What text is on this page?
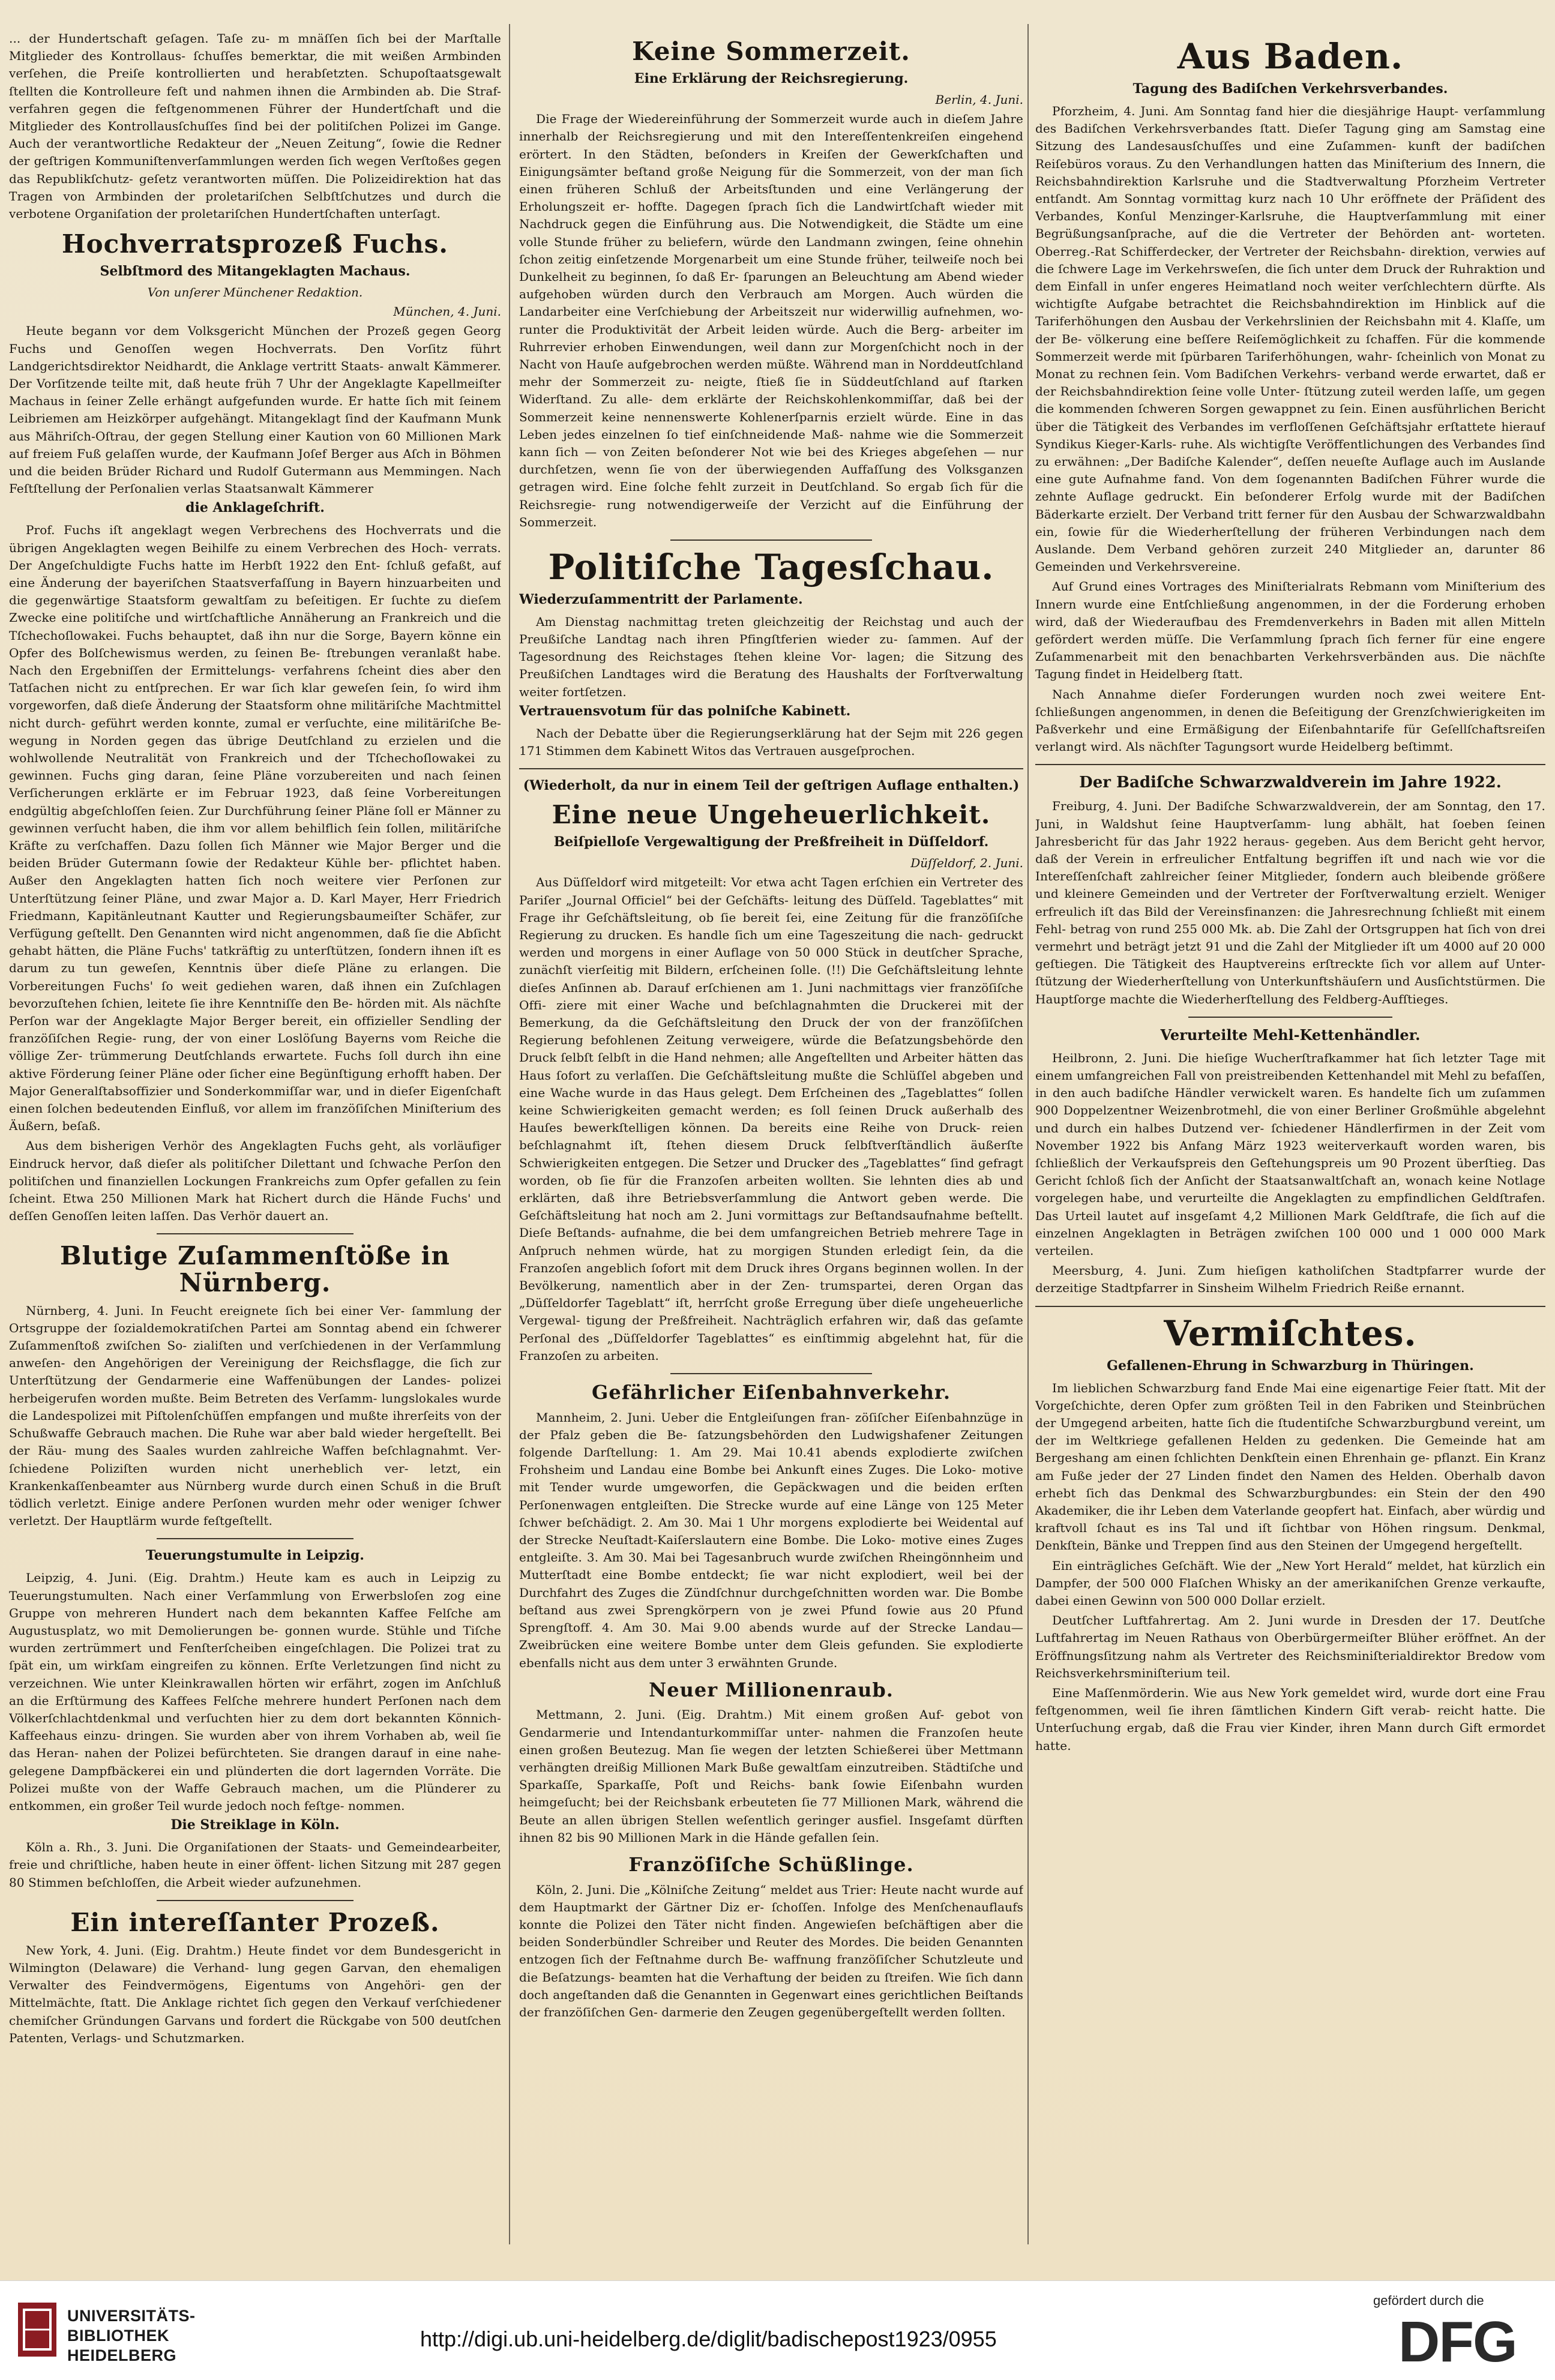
... der Hundertschaft geſagen. Taſe zu- m mnäſſen ſich bei der Marſtalle Mitglieder des Kontrollaus- ſchuſſes bemerktar, die mit weißen Armbinden verſehen, die Preiſe kontrollierten und herabſetzten. Schupoſtaatsgewalt ſtellten die Kontrolleure feſt und nahmen ihnen die Armbinden ab. Die Straf- verfahren gegen die feſtgenommenen Führer der Hundertſchaft und die Mitglieder des Kontrollausſchuſſes ſind bei der politiſchen Polizei im Gange. Auch der verantwortliche Redakteur der „Neuen Zeitung“, ſowie die Redner der geſtrigen Kommuniſtenverſammlungen werden ſich wegen Verſtoßes gegen das Republikſchutz- geſetz verantworten müſſen. Die Polizeidirektion hat das Tragen von Armbinden der proletariſchen Selbſtſchutzes und durch die verbotene Organiſation der proletariſchen Hundertſchaften unterſagt.

Hochverratsprozeß Fuchs.
Selbſtmord des Mitangeklagten Machaus.
Von unſerer Münchener Redaktion.
München, 4. Juni.

Heute begann vor dem Volksgericht München der Prozeß gegen Georg Fuchs und Genoſſen wegen Hochverrats. Den Vorſitz führt Landgerichtsdirektor Neidhardt, die Anklage vertritt Staats- anwalt Kämmerer. Der Vorſitzende teilte mit, daß heute früh 7 Uhr der Angeklagte Kapellmeiſter Machaus in ſeiner Zelle erhängt aufgefunden wurde. Er hatte ſich mit ſeinem Leibriemen am Heizkörper aufgehängt. Mitangeklagt ſind der Kaufmann Munk aus Mähriſch-Oſtrau, der gegen Stellung einer Kaution von 60 Millionen Mark auf freiem Fuß gelaſſen wurde, der Kaufmann Joſef Berger aus Aſch in Böhmen und die beiden Brüder Richard und Rudolf Gutermann aus Memmingen. Nach Feſtſtellung der Perſonalien verlas Staatsanwalt Kämmerer

die Anklageſchrift.

Prof. Fuchs iſt angeklagt wegen Verbrechens des Hochverrats und die übrigen Angeklagten wegen Beihilfe zu einem Verbrechen des Hoch- verrats. Der Angeſchuldigte Fuchs hatte im Herbſt 1922 den Ent- ſchluß gefaßt, auf eine Änderung der bayeriſchen Staatsverfaſſung in Bayern hinzuarbeiten und die gegenwärtige Staatsform gewaltſam zu beſeitigen. Er ſuchte zu dieſem Zwecke eine politiſche und wirtſchaftliche Annäherung an Frankreich und die Tſchechoſlowakei. Fuchs behauptet, daß ihn nur die Sorge, Bayern könne ein Opfer des Bolſchewismus werden, zu ſeinen Be- ſtrebungen veranlaßt habe. Nach den Ergebniſſen der Ermittelungs- verfahrens ſcheint dies aber den Tatſachen nicht zu entſprechen. Er war ſich klar geweſen ſein, ſo wird ihm vorgeworfen, daß dieſe Änderung der Staatsform ohne militäriſche Machtmittel nicht durch- geführt werden konnte, zumal er verſuchte, eine militäriſche Be- wegung in Norden gegen das übrige Deutſchland zu erzielen und die wohlwollende Neutralität von Frankreich und der Tſchechoſlowakei zu gewinnen. Fuchs ging daran, ſeine Pläne vorzubereiten und nach ſeinen Verſicherungen erklärte er im Februar 1923, daß ſeine Vorbereitungen endgültig abgeſchloſſen ſeien. Zur Durchführung ſeiner Pläne ſoll er Männer zu gewinnen verſucht haben, die ihm vor allem behilflich ſein ſollen, militäriſche Kräfte zu verſchaffen. Dazu ſollen ſich Männer wie Major Berger und die beiden Brüder Gutermann ſowie der Redakteur Kühle ber- pflichtet haben. Außer den Angeklagten hatten ſich noch weitere vier Perſonen zur Unterſtützung ſeiner Pläne, und zwar Major a. D. Karl Mayer, Herr Friedrich Friedmann, Kapitänleutnant Kautter und Regierungsbaumeiſter Schäfer, zur Verfügung geſtellt. Den Genannten wird nicht angenommen, daß ſie die Abſicht gehabt hätten, die Pläne Fuchs' tatkräftig zu unterſtützen, ſondern ihnen iſt es darum zu tun geweſen, Kenntnis über dieſe Pläne zu erlangen. Die Vorbereitungen Fuchs' ſo weit gediehen waren, daß ihnen ein Zuſchlagen bevorzuſtehen ſchien, leitete ſie ihre Kenntniſſe den Be- hörden mit. Als nächſte Perſon war der Angeklagte Major Berger bereit, ein offizieller Sendling der franzöſiſchen Regie- rung, der von einer Loslöſung Bayerns vom Reiche die völlige Zer- trümmerung Deutſchlands erwartete. Fuchs ſoll durch ihn eine aktive Förderung ſeiner Pläne oder ſicher eine Begünſtigung erhofft haben. Der Major Generalſtabsoffizier und Sonderkommiſſar war, und in dieſer Eigenſchaft einen ſolchen bedeutenden Einfluß, vor allem im franzöſiſchen Miniſterium des Äußern, beſaß.

Aus dem bisherigen Verhör des Angeklagten Fuchs geht, als vorläufiger Eindruck hervor, daß dieſer als politiſcher Dilettant und ſchwache Perſon den politiſchen und finanziellen Lockungen Frankreichs zum Opfer gefallen zu ſein ſcheint. Etwa 250 Millionen Mark hat Richert durch die Hände Fuchs' und deſſen Genoſſen leiten laſſen. Das Verhör dauert an.

Blutige Zuſammenſtöße in Nürnberg.

Nürnberg, 4. Juni. In Feucht ereignete ſich bei einer Ver- ſammlung der Ortsgruppe der ſozialdemokratiſchen Partei am Sonntag abend ein ſchwerer Zuſammenſtoß zwiſchen So- zialiſten und verſchiedenen in der Verſammlung anweſen- den Angehörigen der Vereinigung der Reichsflagge, die ſich zur Unterſtützung der Gendarmerie eine Waffenübungen der Landes- polizei herbeigerufen worden mußte. Beim Betreten des Verſamm- lungslokales wurde die Landespolizei mit Piſtolenſchüſſen empfangen und mußte ihrerſeits von der Schußwaffe Gebrauch machen. Die Ruhe war aber bald wieder hergeſtellt. Bei der Räu- mung des Saales wurden zahlreiche Waffen beſchlagnahmt. Ver- ſchiedene Poliziſten wurden nicht unerheblich ver- letzt, ein Krankenkaſſenbeamter aus Nürnberg wurde durch einen Schuß in die Bruſt tödlich verletzt. Einige andere Perſonen wurden mehr oder weniger ſchwer verletzt. Der Hauptlärm wurde feſtgeſtellt.

Teuerungstumulte in Leipzig.

Leipzig, 4. Juni. (Eig. Drahtm.) Heute kam es auch in Leipzig zu Teuerungstumulten. Nach einer Verſammlung von Erwerbsloſen zog eine Gruppe von mehreren Hundert nach dem bekannten Kaffee Felſche am Augustusplatz, wo mit Demolierungen be- gonnen wurde. Stühle und Tiſche wurden zertrümmert und Fenſterſcheiben eingeſchlagen. Die Polizei trat zu ſpät ein, um wirkſam eingreifen zu können. Erſte Verletzungen ſind nicht zu verzeichnen. Wie unter Kleinkrawallen hörten wir erfährt, zogen im Anſchluß an die Erſtürmung des Kaffees Felſche mehrere hundert Perſonen nach dem Völkerſchlachtdenkmal und verſuchten hier zu dem dort bekannten Könnich-Kaffeehaus einzu- dringen. Sie wurden aber von ihrem Vorhaben ab, weil ſie das Heran- nahen der Polizei befürchteten. Sie drangen darauf in eine nahe- gelegene Dampfbäckerei ein und plünderten die dort lagernden Vorräte. Die Polizei mußte von der Waffe Gebrauch machen, um die Plünderer zu entkommen, ein großer Teil wurde jedoch noch feſtge- nommen.

Die Streiklage in Köln.

Köln a. Rh., 3. Juni. Die Organiſationen der Staats- und Gemeindearbeiter, freie und chriſtliche, haben heute in einer öffent- lichen Sitzung mit 287 gegen 80 Stimmen beſchloſſen, die Arbeit wieder aufzunehmen.

Ein intereſſanter Prozeß.

New York, 4. Juni. (Eig. Drahtm.) Heute findet vor dem Bundesgericht in Wilmington (Delaware) die Verhand- lung gegen Garvan, den ehemaligen Verwalter des Feindvermögens, Eigentums von Angehöri- gen der Mittelmächte, ſtatt. Die Anklage richtet ſich gegen den Verkauf verſchiedener chemiſcher Gründungen Garvans und fordert die Rückgabe von 500 deutſchen Patenten, Verlags- und Schutzmarken.

Keine Sommerzeit.
Eine Erklärung der Reichsregierung.
Berlin, 4. Juni.

Die Frage der Wiedereinführung der Sommerzeit wurde auch in dieſem Jahre innerhalb der Reichsregierung und mit den Intereſſentenkreiſen eingehend erörtert. In den Städten, beſonders in Kreiſen der Gewerkſchaften und Einigungsämter beſtand große Neigung für die Sommerzeit, von der man ſich einen früheren Schluß der Arbeitsſtunden und eine Verlängerung der Erholungszeit er- hoffte. Dagegen ſprach ſich die Landwirtſchaft wieder mit Nachdruck gegen die Einführung aus. Die Notwendigkeit, die Städte um eine volle Stunde früher zu beliefern, würde den Landmann zwingen, ſeine ohnehin ſchon zeitig einſetzende Morgenarbeit um eine Stunde früher, teilweiſe noch bei Dunkelheit zu beginnen, ſo daß Er- ſparungen an Beleuchtung am Abend wieder aufgehoben würden durch den Verbrauch am Morgen. Auch würden die Landarbeiter eine Verſchiebung der Arbeitszeit nur widerwillig aufnehmen, wo- runter die Produktivität der Arbeit leiden würde. Auch die Berg- arbeiter im Ruhrrevier erhoben Einwendungen, weil dann zur Morgenſchicht noch in der Nacht von Hauſe aufgebrochen werden müßte. Während man in Norddeutſchland mehr der Sommerzeit zu- neigte, ſtieß ſie in Süddeutſchland auf ſtarken Widerſtand. Zu alle- dem erklärte der Reichskohlenkommiſſar, daß bei der Sommerzeit keine nennenswerte Kohlenerſparnis erzielt würde. Eine in das Leben jedes einzelnen ſo tief einſchneidende Maß- nahme wie die Sommerzeit kann ſich — von Zeiten beſonderer Not wie bei des Krieges abgeſehen — nur durchſetzen, wenn ſie von der überwiegenden Auffaſſung des Volksganzen getragen wird. Eine ſolche fehlt zurzeit in Deutſchland. So ergab ſich für die Reichsregie- rung notwendigerweiſe der Verzicht auf die Einführung der Sommerzeit.

Politiſche Tagesſchau.
Wiederzuſammentritt der Parlamente.

Am Dienstag nachmittag treten gleichzeitig der Reichstag und auch der Preußiſche Landtag nach ihren Pfingſtferien wieder zu- ſammen. Auf der Tagesordnung des Reichstages ſtehen kleine Vor- lagen; die Sitzung des Preußiſchen Landtages wird die Beratung des Haushalts der Forſtverwaltung weiter fortſetzen.

Vertrauensvotum für das polniſche Kabinett.

Nach der Debatte über die Regierungserklärung hat der Sejm mit 226 gegen 171 Stimmen dem Kabinett Witos das Vertrauen ausgeſprochen.

(Wiederholt, da nur in einem Teil der geſtrigen Auflage enthalten.)
Eine neue Ungeheuerlichkeit.
Beiſpielloſe Vergewaltigung der Preßfreiheit in Düſſeldorf.
Düſſeldorf, 2. Juni.

Aus Düſſeldorf wird mitgeteilt: Vor etwa acht Tagen erſchien ein Vertreter des Pariſer „Journal Officiel“ bei der Geſchäfts- leitung des Düſſeld. Tageblattes“ mit Frage ihr Geſchäftsleitung, ob ſie bereit ſei, eine Zeitung für die franzöſiſche Regierung zu drucken. Es handle ſich um eine Tageszeitung die nach- gedruckt werden und morgens in einer Auflage von 50 000 Stück in deutſcher Sprache, zunächſt vierſeitig mit Bildern, erſcheinen ſolle. (!!) Die Geſchäftsleitung lehnte dieſes Anſinnen ab. Darauf erſchienen am 1. Juni nachmittags vier franzöſiſche Offi- ziere mit einer Wache und beſchlagnahmten die Druckerei mit der Bemerkung, da die Geſchäftsleitung den Druck der von der franzöſiſchen Regierung befohlenen Zeitung verweigere, würde die Beſatzungsbehörde den Druck ſelbſt ſelbſt in die Hand nehmen; alle Angeſtellten und Arbeiter hätten das Haus ſofort zu verlaſſen. Die Geſchäftsleitung mußte die Schlüſſel abgeben und eine Wache wurde in das Haus gelegt. Dem Erſcheinen des „Tageblattes“ ſollen keine Schwierigkeiten gemacht werden; es ſoll ſeinen Druck außerhalb des Hauſes bewerkſtelligen können. Da bereits eine Reihe von Druck- reien beſchlagnahmt iſt, ſtehen diesem Druck ſelbſtverſtändlich äußerſte Schwierigkeiten entgegen. Die Setzer und Drucker des „Tageblattes“ ſind gefragt worden, ob ſie für die Franzoſen arbeiten wollten. Sie lehnten dies ab und erklärten, daß ihre Betriebsverſammlung die Antwort geben werde. Die Geſchäftsleitung hat noch am 2. Juni vormittags zur Beſtandsaufnahme beſtellt. Dieſe Beſtands- aufnahme, die bei dem umfangreichen Betrieb mehrere Tage in Anſpruch nehmen würde, hat zu morgigen Stunden erledigt ſein, da die Franzoſen angeblich ſofort mit dem Druck ihres Organs beginnen wollen. In der Bevölkerung, namentlich aber in der Zen- trumspartei, deren Organ das „Düſſeldorfer Tageblatt“ iſt, herrſcht große Erregung über dieſe ungeheuerliche Vergewal- tigung der Preßfreiheit. Nachträglich erfahren wir, daß das geſamte Perſonal des „Düſſeldorfer Tageblattes“ es einſtimmig abgelehnt hat, für die Franzoſen zu arbeiten.

Gefährlicher Eiſenbahnverkehr.

Mannheim, 2. Juni. Ueber die Entgleiſungen fran- zöſiſcher Eiſenbahnzüge in der Pfalz geben die Be- ſatzungsbehörden den Ludwigshafener Zeitungen folgende Darſtellung: 1. Am 29. Mai 10.41 abends explodierte zwiſchen Frohsheim und Landau eine Bombe bei Ankunft eines Zuges. Die Loko- motive mit Tender wurde umgeworfen, die Gepäckwagen und die beiden erſten Perſonenwagen entgleiſten. Die Strecke wurde auf eine Länge von 125 Meter ſchwer beſchädigt. 2. Am 30. Mai 1 Uhr morgens explodierte bei Weidental auf der Strecke Neuſtadt-Kaiſerslautern eine Bombe. Die Loko- motive eines Zuges entgleiſte. 3. Am 30. Mai bei Tagesanbruch wurde zwiſchen Rheingönnheim und Mutterſtadt eine Bombe entdeckt; ſie war nicht explodiert, weil bei der Durchfahrt des Zuges die Zündſchnur durchgeſchnitten worden war. Die Bombe beſtand aus zwei Sprengkörpern von je zwei Pfund ſowie aus 20 Pfund Sprengſtoff. 4. Am 30. Mai 9.00 abends wurde auf der Strecke Landau— Zweibrücken eine weitere Bombe unter dem Gleis gefunden. Sie explodierte ebenfalls nicht aus dem unter 3 erwähnten Grunde.

Neuer Millionenraub.

Mettmann, 2. Juni. (Eig. Drahtm.) Mit einem großen Auf- gebot von Gendarmerie und Intendanturkommiſſar unter- nahmen die Franzoſen heute einen großen Beutezug. Man ſie wegen der letzten Schießerei über Mettmann verhängten dreißig Millionen Mark Buße gewaltſam einzutreiben. Städtiſche und Sparkaſſe, Sparkaſſe, Poſt und Reichs- bank ſowie Eiſenbahn wurden heimgeſucht; bei der Reichsbank erbeuteten ſie 77 Millionen Mark, während die Beute an allen übrigen Stellen weſentlich geringer ausfiel. Insgeſamt dürften ihnen 82 bis 90 Millionen Mark in die Hände gefallen ſein.

Franzöſiſche Schüßlinge.

Köln, 2. Juni. Die „Kölniſche Zeitung“ meldet aus Trier: Heute nacht wurde auf dem Hauptmarkt der Gärtner Diz er- ſchoſſen. Infolge des Menſchenauflaufs konnte die Polizei den Täter nicht finden. Angewieſen beſchäftigen aber die beiden Sonderbündler Schreiber und Reuter des Mordes. Die beiden Genannten entzogen ſich der Feſtnahme durch Be- waffnung franzöſiſcher Schutzleute und die Beſatzungs- beamten hat die Verhaftung der beiden zu ſtreifen. Wie ſich dann doch angeſtanden daß die Genannten in Gegenwart eines gerichtlichen Beiſtands der franzöſiſchen Gen- darmerie den Zeugen gegenübergeſtellt werden ſollten.

Aus Baden.
Tagung des Badiſchen Verkehrsverbandes.

Pforzheim, 4. Juni. Am Sonntag fand hier die diesjährige Haupt- verſammlung des Badiſchen Verkehrsverbandes ſtatt. Dieſer Tagung ging am Samstag eine Sitzung des Landesausſchuſſes und eine Zuſammen- kunft der badiſchen Reiſebüros voraus. Zu den Verhandlungen hatten das Miniſterium des Innern, die Reichsbahndirektion Karlsruhe und die Stadtverwaltung Pforzheim Vertreter entſandt. Am Sonntag vormittag kurz nach 10 Uhr eröffnete der Präſident des Verbandes, Konſul Menzinger-Karlsruhe, die Hauptverſammlung mit einer Begrüßungsanſprache, auf die die Vertreter der Behörden ant- worteten. Oberreg.-Rat Schifferdecker, der Vertreter der Reichsbahn- direktion, verwies auf die ſchwere Lage im Verkehrsweſen, die ſich unter dem Druck der Ruhraktion und dem Einfall in unſer engeres Heimatland noch weiter verſchlechtern dürfte. Als wichtigſte Aufgabe betrachtet die Reichsbahndirektion im Hinblick auf die Tariferhöhungen den Ausbau der Verkehrslinien der Reichsbahn mit 4. Klaſſe, um der Be- völkerung eine beſſere Reiſemöglichkeit zu ſchaffen. Für die kommende Sommerzeit werde mit ſpürbaren Tariferhöhungen, wahr- ſcheinlich von Monat zu Monat zu rechnen ſein. Vom Badiſchen Verkehrs- verband werde erwartet, daß er der Reichsbahndirektion ſeine volle Unter- ſtützung zuteil werden laſſe, um gegen die kommenden ſchweren Sorgen gewappnet zu ſein. Einen ausführlichen Bericht über die Tätigkeit des Verbandes im verfloſſenen Geſchäftsjahr erſtattete hierauf Syndikus Kieger-Karls- ruhe. Als wichtigſte Veröffentlichungen des Verbandes ſind zu erwähnen: „Der Badiſche Kalender“, deſſen neueſte Auflage auch im Auslande eine gute Aufnahme fand. Von dem ſogenannten Badiſchen Führer wurde die zehnte Auflage gedruckt. Ein beſonderer Erfolg wurde mit der Badiſchen Bäderkarte erzielt. Der Verband tritt ferner für den Ausbau der Schwarzwaldbahn ein, ſowie für die Wiederherſtellung der früheren Verbindungen nach dem Auslande. Dem Verband gehören zurzeit 240 Mitglieder an, darunter 86 Gemeinden und Verkehrsvereine.

Auf Grund eines Vortrages des Miniſterialrats Rebmann vom Miniſterium des Innern wurde eine Entſchließung angenommen, in der die Forderung erhoben wird, daß der Wiederaufbau des Fremdenverkehrs in Baden mit allen Mitteln gefördert werden müſſe. Die Verſammlung ſprach ſich ferner für eine engere Zuſammenarbeit mit den benachbarten Verkehrsverbänden aus. Die nächſte Tagung findet in Heidelberg ſtatt.

Nach Annahme dieſer Forderungen wurden noch zwei weitere Ent- ſchließungen angenommen, in denen die Beſeitigung der Grenzſchwierigkeiten im Paßverkehr und eine Ermäßigung der Eiſenbahntarife für Geſellſchaftsreiſen verlangt wird. Als nächſter Tagungsort wurde Heidelberg beſtimmt.

Der Badiſche Schwarzwaldverein im Jahre 1922.

Freiburg, 4. Juni. Der Badiſche Schwarzwaldverein, der am Sonntag, den 17. Juni, in Waldshut ſeine Hauptverſamm- lung abhält, hat ſoeben ſeinen Jahresbericht für das Jahr 1922 heraus- gegeben. Aus dem Bericht geht hervor, daß der Verein in erfreulicher Entfaltung begriffen iſt und nach wie vor die Intereſſenſchaft zahlreicher ſeiner Mitglieder, ſondern auch bleibende größere und kleinere Gemeinden und der Vertreter der Forſtverwaltung erzielt. Weniger erfreulich iſt das Bild der Vereinsfinanzen: die Jahresrechnung ſchließt mit einem Fehl- betrag von rund 255 000 Mk. ab. Die Zahl der Ortsgruppen hat ſich von drei vermehrt und beträgt jetzt 91 und die Zahl der Mitglieder iſt um 4000 auf 20 000 geſtiegen. Die Tätigkeit des Hauptvereins erſtreckte ſich vor allem auf Unter- ſtützung der Wiederherſtellung von Unterkunftshäuſern und Ausſichtstürmen. Die Hauptſorge machte die Wiederherſtellung des Feldberg-Aufſtieges.

Verurteilte Mehl-Kettenhändler.

Heilbronn, 2. Juni. Die hieſige Wucherſtrafkammer hat ſich letzter Tage mit einem umfangreichen Fall von preistreibenden Kettenhandel mit Mehl zu befaſſen, in den auch badiſche Händler verwickelt waren. Es handelte ſich um zuſammen 900 Doppelzentner Weizenbrotmehl, die von einer Berliner Großmühle abgelehnt und durch ein halbes Dutzend ver- ſchiedener Händlerfirmen in der Zeit vom November 1922 bis Anfang März 1923 weiterverkauft worden waren, bis ſchließlich der Verkaufspreis den Geſtehungspreis um 90 Prozent überſtieg. Das Gericht ſchloß ſich der Anſicht der Staatsanwaltſchaft an, wonach keine Notlage vorgelegen habe, und verurteilte die Angeklagten zu empfindlichen Geldſtrafen. Das Urteil lautet auf insgeſamt 4,2 Millionen Mark Geldſtrafe, die ſich auf die einzelnen Angeklagten in Beträgen zwiſchen 100 000 und 1 000 000 Mark verteilen.

Meersburg, 4. Juni. Zum hieſigen katholiſchen Stadtpfarrer wurde der derzeitige Stadtpfarrer in Sinsheim Wilhelm Friedrich Reiße ernannt.

Vermiſchtes.
Gefallenen-Ehrung in Schwarzburg in Thüringen.

Im lieblichen Schwarzburg fand Ende Mai eine eigenartige Feier ſtatt. Mit der Vorgeſchichte, deren Opfer zum größten Teil in den Fabriken und Steinbrüchen der Umgegend arbeiten, hatte ſich die ſtudentiſche Schwarzburgbund vereint, um der im Weltkriege gefallenen Helden zu gedenken. Die Gemeinde hat am Bergeshang am einen ſchlichten Denkſtein einen Ehrenhain ge- pflanzt. Ein Kranz am Fuße jeder der 27 Linden findet den Namen des Helden. Oberhalb davon erhebt ſich das Denkmal des Schwarzburgbundes: ein Stein der den 490 Akademiker, die ihr Leben dem Vaterlande geopfert hat. Einfach, aber würdig und kraftvoll ſchaut es ins Tal und iſt ſichtbar von Höhen ringsum. Denkmal, Denkſtein, Bänke und Treppen ſind aus den Steinen der Umgegend hergeſtellt.

Ein einträgliches Geſchäft. Wie der „New Yort Herald“ meldet, hat kürzlich ein Dampfer, der 500 000 Flaſchen Whisky an der amerikaniſchen Grenze verkaufte, dabei einen Gewinn von 500 000 Dollar erzielt.

Deutſcher Luftfahrertag. Am 2. Juni wurde in Dresden der 17. Deutſche Luftfahrertag im Neuen Rathaus von Oberbürgermeiſter Blüher eröffnet. An der Eröffnungsſitzung nahm als Vertreter des Reichsminiſterialdirektor Bredow vom Reichsverkehrsminiſterium teil.

Eine Maſſenmörderin. Wie aus New York gemeldet wird, wurde dort eine Frau feſtgenommen, weil ſie ihren ſämtlichen Kindern Gift verab- reicht hatte. Die Unterſuchung ergab, daß die Frau vier Kinder, ihren Mann durch Gift ermordet hatte.

UNIVERSITÄTS-
BIBLIOTHEK
HEIDELBERG
http://digi.ub.uni-heidelberg.de/diglit/badischepost1923/0955
gefördert durch die
DFG
